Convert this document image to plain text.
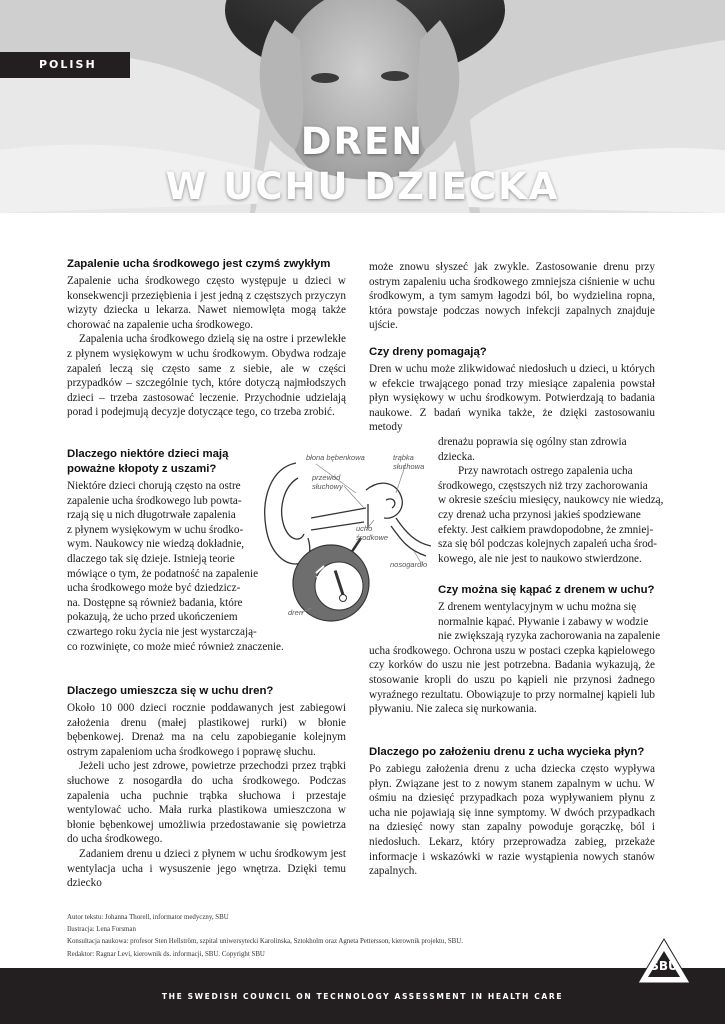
POLISH
DREN
W UCHU DZIECKA
Zapalenie ucha środkowego jest czymś zwykłym

Zapalenie ucha środkowego często występuje u dzieci w konsekwencji przeziębienia i jest jedną z częstszych przyczyn wizyty dziecka u lekarza. Nawet niemowlęta mogą także chorować na zapalenie ucha środkowego.

Zapalenia ucha środkowego dzielą się na ostre i przewlekłe z płynem wysiękowym w uchu środkowym. Obydwa rodzaje zapaleń leczą się często same z siebie, ale w części przypadków – szczególnie tych, które dotyczą najmłodszych dzieci – trzeba zastosować leczenie. Przychodnie udzielają porad i podejmują decyzje dotyczące tego, co trzeba zrobić.

Dlaczego niektóre dzieci mają
poważne kłopoty z uszami?
Niektóre dzieci chorują często na ostre
zapalenie ucha środkowego lub powta-
rzają się u nich długotrwałe zapalenia
z płynem wysiękowym w uchu środko-
wym. Naukowcy nie wiedzą dokładnie,
dlaczego tak się dzieje. Istnieją teorie
mówiące o tym, że podatność na zapalenie
ucha środkowego może być dziedzicz-
na. Dostępne są również badania, które
pokazują, że ucho przed ukończeniem
czwartego roku życia nie jest wystarczają-
co rozwinięte, co może mieć również znaczenie.
błona bębenkowa	trąbka słuchowa
przewód słuchowy
ucho środkowe
nosogardło
dren
Dlaczego umieszcza się w uchu dren?

Około 10 000 dzieci rocznie poddawanych jest zabiegowi założenia drenu (małej plastikowej rurki) w błonie bębenkowej. Drenaż ma na celu zapobieganie kolejnym ostrym zapaleniom ucha środkowego i poprawę słuchu.

Jeżeli ucho jest zdrowe, powietrze przechodzi przez trąbki słuchowe z nosogardła do ucha środkowego. Podczas zapalenia ucha puchnie trąbka słuchowa i przestaje wentylować ucho. Mała rurka plastikowa umieszczona w błonie bębenkowej umożliwia przedostawanie się powietrza do ucha środkowego.

Zadaniem drenu u dzieci z płynem w uchu środkowym jest wentylacja ucha i wysuszenie jego wnętrza. Dzięki temu dziecko

może znowu słyszeć jak zwykle. Zastosowanie drenu przy ostrym zapaleniu ucha środkowego zmniejsza ciśnienie w uchu środkowym, a tym samym łagodzi ból, bo wydzielina ropna, która powstaje podczas nowych infekcji zapalnych znajduje ujście.

Czy dreny pomagają?

Dren w uchu może zlikwidować niedosłuch u dzieci, u których w efekcie trwającego ponad trzy miesiące zapalenia powstał płyn wysiękowy w uchu środkowym. Potwierdzają to badania naukowe. Z badań wynika także, że dzięki zastosowaniu metody

drenażu poprawia się ogólny stan zdrowia
dziecka.
Przy nawrotach ostrego zapalenia ucha
środkowego, częstszych niż trzy zachorowania
w okresie sześciu miesięcy, naukowcy nie wiedzą,
czy drenaż ucha przynosi jakieś spodziewane
efekty. Jest całkiem prawdopodobne, że zmniej-
sza się ból podczas kolejnych zapaleń ucha środ-
kowego, ale nie jest to naukowo stwierdzone.
Czy można się kąpać z drenem w uchu?
Z drenem wentylacyjnym w uchu można się
normalnie kąpać. Pływanie i zabawy w wodzie
nie zwiększają ryzyka zachorowania na zapalenie

ucha środkowego. Ochrona uszu w postaci czepka kąpielowego czy korków do uszu nie jest potrzebna. Badania wykazują, że stosowanie kropli do uszu po kąpieli nie przynosi żadnego wyraźnego rezultatu. Obowiązuje to przy normalnej kąpieli lub pływaniu. Nie zaleca się nurkowania.

Dlaczego po założeniu drenu z ucha wycieka płyn?

Po zabiegu założenia drenu z ucha dziecka często wypływa płyn. Związane jest to z nowym stanem zapalnym w uchu. W ośmiu na dziesięć przypadkach poza wypływaniem płynu z ucha nie pojawiają się inne symptomy. W dwóch przypadkach na dziesięć nowy stan zapalny powoduje gorączkę, ból i niedosłuch. Lekarz, który przeprowadza zabieg, przekaże informacje i wskazówki w razie wystąpienia nowych stanów zapalnych.

Autor tekstu: Johanna Thorell, informator medyczny, SBU
Ilustracja: Lena Forsman
Konsultacja naukowa: profesor Sten Hellström, szpital uniwersytecki Karolinska, Sztokholm oraz Agneta Pettersson, kierownik projektu, SBU.
Redaktor: Ragnar Levi, kierownik ds. informacji, SBU. Copyright SBU
THE SWEDISH COUNCIL ON TECHNOLOGY ASSESSMENT IN HEALTH CARE
SBU
